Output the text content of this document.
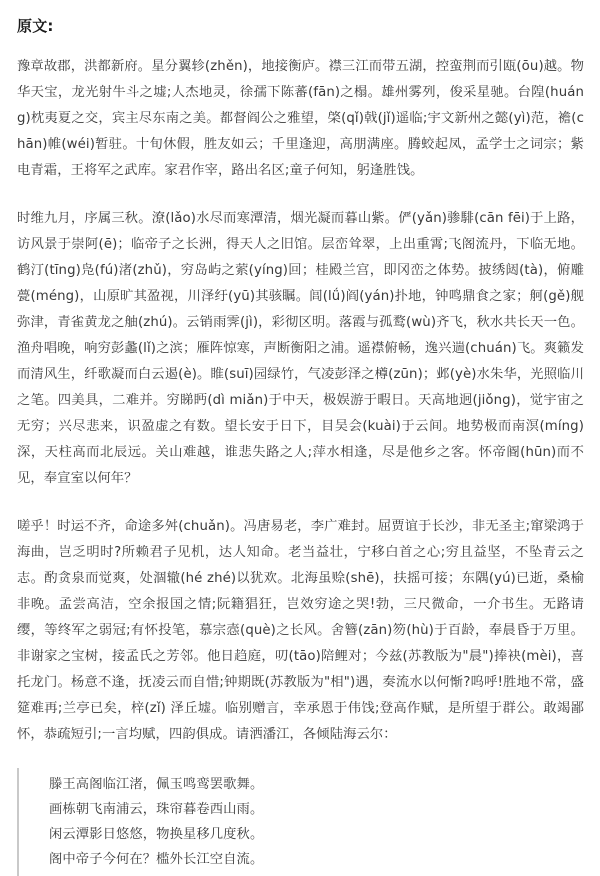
原文:

豫章故郡，洪都新府。星分翼轸(zhěn)，地接衡庐。襟三江而带五湖，控蛮荆而引瓯(ōu)越。物华天宝，龙光射牛斗之墟;人杰地灵，徐孺下陈蕃(fān)之榻。雄州雾列，俊采星驰。台隍(huáng)枕夷夏之交，宾主尽东南之美。都督阎公之雅望，棨(qǐ)戟(jǐ)遥临;宇文新州之懿(yì)范，襜(chān)帷(wéi)暂驻。十旬休假，胜友如云；千里逢迎，高朋满座。腾蛟起凤，孟学士之词宗；紫电青霜，王将军之武库。家君作宰，路出名区;童子何知，躬逢胜饯。

时维九月，序属三秋。潦(lǎo)水尽而寒潭清，烟光凝而暮山紫。俨(yǎn)骖騑(cān fēi)于上路，访风景于崇阿(ē)；临帝子之长洲，得天人之旧馆。层峦耸翠，上出重霄;飞阁流丹，下临无地。鹤汀(tīng)凫(fú)渚(zhǔ)，穷岛屿之萦(yíng)回；桂殿兰宫，即冈峦之体势。披绣闼(tà)，俯雕甍(méng)，山原旷其盈视，川泽纡(yū)其骇瞩。闾(lǘ)阎(yán)扑地，钟鸣鼎食之家；舸(gě)舰弥津，青雀黄龙之舳(zhú)。云销雨霁(jì)，彩彻区明。落霞与孤鹜(wù)齐飞，秋水共长天一色。渔舟唱晚，响穷彭蠡(lǐ)之滨；雁阵惊寒，声断衡阳之浦。遥襟俯畅，逸兴遄(chuán)飞。爽籁发而清风生，纤歌凝而白云遏(è)。睢(suī)园绿竹，气凌彭泽之樽(zūn)；邺(yè)水朱华，光照临川之笔。四美具，二难并。穷睇眄(dì miǎn)于中天，极娱游于暇日。天高地迥(jiǒng)，觉宇宙之无穷；兴尽悲来，识盈虚之有数。望长安于日下，目吴会(kuài)于云间。地势极而南溟(míng)深，天柱高而北辰远。关山难越，谁悲失路之人;萍水相逢，尽是他乡之客。怀帝阍(hūn)而不见，奉宣室以何年？

嗟乎！时运不齐，命途多舛(chuǎn)。冯唐易老，李广难封。屈贾谊于长沙，非无圣主;窜梁鸿于海曲，岂乏明时?所赖君子见机，达人知命。老当益壮，宁移白首之心;穷且益坚，不坠青云之志。酌贪泉而觉爽，处涸辙(hé zhé)以犹欢。北海虽赊(shē)，扶摇可接；东隅(yú)已逝，桑榆非晚。孟尝高洁，空余报国之情;阮籍猖狂，岂效穷途之哭!勃，三尺微命，一介书生。无路请缨，等终军之弱冠;有怀投笔，慕宗悫(què)之长风。舍簪(zān)笏(hù)于百龄，奉晨昏于万里。非谢家之宝树，接孟氏之芳邻。他日趋庭，叨(tāo)陪鲤对；今兹(苏教版为"晨")捧袂(mèi)，喜托龙门。杨意不逢，抚凌云而自惜;钟期既(苏教版为"相")遇，奏流水以何惭?呜呼!胜地不常，盛筵难再;兰亭已矣，梓(zǐ) 泽丘墟。临别赠言，幸承恩于伟饯;登高作赋，是所望于群公。敢竭鄙怀，恭疏短引;一言均赋，四韵俱成。请洒潘江，各倾陆海云尔：

滕王高阁临江渚，佩玉鸣鸾罢歌舞。
画栋朝飞南浦云，珠帘暮卷西山雨。
闲云潭影日悠悠，物换星移几度秋。
阁中帝子今何在？槛外长江空自流。
